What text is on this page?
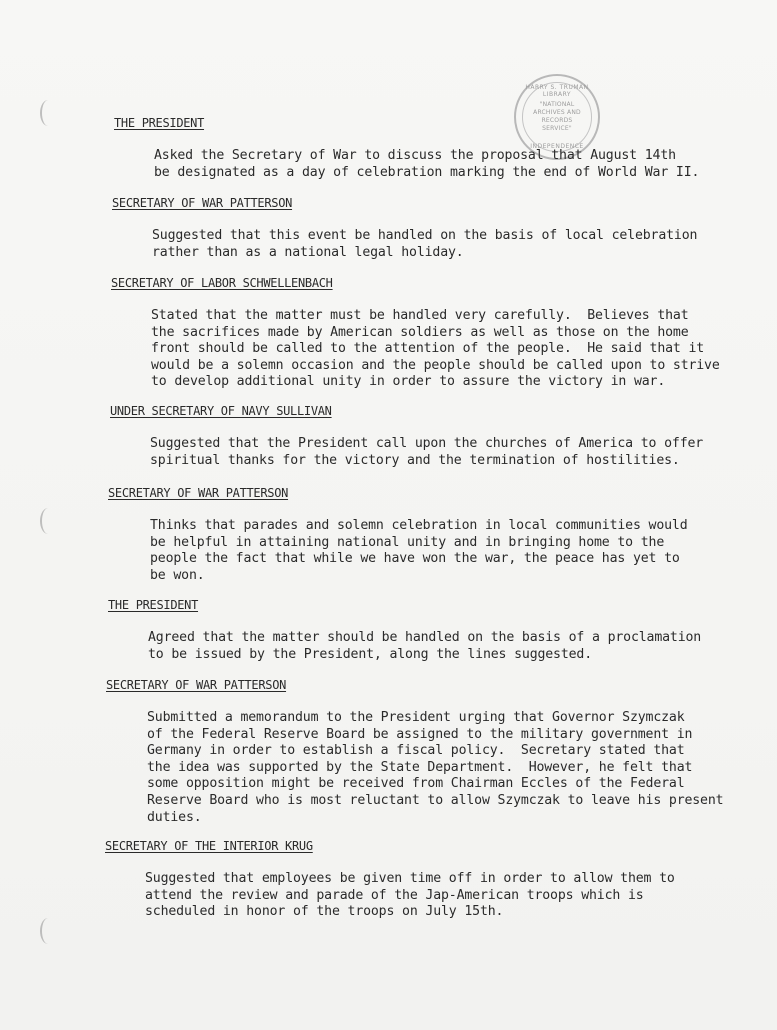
HARRY S. TRUMAN LIBRARY
"NATIONAL ARCHIVES AND RECORDS SERVICE"
INDEPENDENCE
THE PRESIDENT
Asked the Secretary of War to discuss the proposal that August 14th
be designated as a day of celebration marking the end of World War II.
SECRETARY OF WAR PATTERSON
Suggested that this event be handled on the basis of local celebration
rather than as a national legal holiday.
SECRETARY OF LABOR SCHWELLENBACH
Stated that the matter must be handled very carefully.  Believes that
the sacrifices made by American soldiers as well as those on the home
front should be called to the attention of the people.  He said that it
would be a solemn occasion and the people should be called upon to strive
to develop additional unity in order to assure the victory in war.
UNDER SECRETARY OF NAVY SULLIVAN
Suggested that the President call upon the churches of America to offer
spiritual thanks for the victory and the termination of hostilities.
SECRETARY OF WAR PATTERSON
Thinks that parades and solemn celebration in local communities would
be helpful in attaining national unity and in bringing home to the
people the fact that while we have won the war, the peace has yet to
be won.
THE PRESIDENT
Agreed that the matter should be handled on the basis of a proclamation
to be issued by the President, along the lines suggested.
SECRETARY OF WAR PATTERSON
Submitted a memorandum to the President urging that Governor Szymczak
of the Federal Reserve Board be assigned to the military government in
Germany in order to establish a fiscal policy.  Secretary stated that
the idea was supported by the State Department.  However, he felt that
some opposition might be received from Chairman Eccles of the Federal
Reserve Board who is most reluctant to allow Szymczak to leave his present
duties.
SECRETARY OF THE INTERIOR KRUG
Suggested that employees be given time off in order to allow them to
attend the review and parade of the Jap-American troops which is
scheduled in honor of the troops on July 15th.
